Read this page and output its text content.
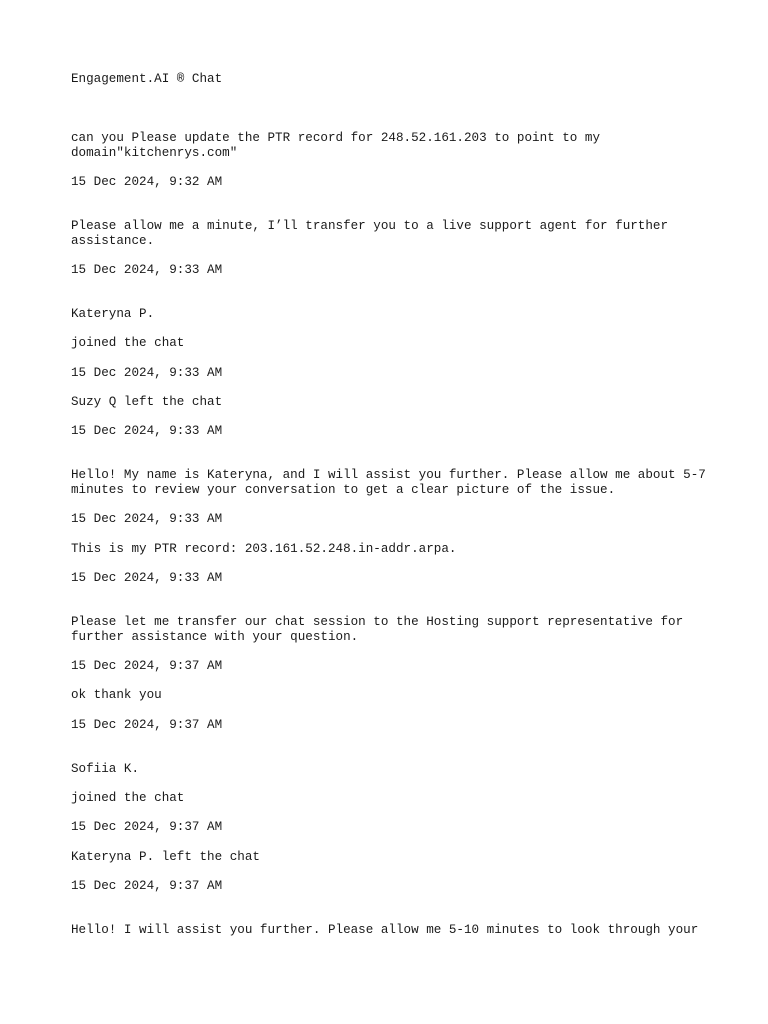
Engagement.AI ® Chat
can you Please update the PTR record for 248.52.161.203 to point to my domain"kitchenrys.com"
15 Dec 2024, 9:32 AM
Please allow me a minute, I’ll transfer you to a live support agent for further assistance.
15 Dec 2024, 9:33 AM
Kateryna P.
joined the chat
15 Dec 2024, 9:33 AM
Suzy Q left the chat
15 Dec 2024, 9:33 AM
Hello! My name is Kateryna, and I will assist you further. Please allow me about 5-7 minutes to review your conversation to get a clear picture of the issue.
15 Dec 2024, 9:33 AM
This is my PTR record: 203.161.52.248.in-addr.arpa.
15 Dec 2024, 9:33 AM
Please let me transfer our chat session to the Hosting support representative for further assistance with your question.
15 Dec 2024, 9:37 AM
ok thank you
15 Dec 2024, 9:37 AM
Sofiia K.
joined the chat
15 Dec 2024, 9:37 AM
Kateryna P. left the chat
15 Dec 2024, 9:37 AM
Hello! I will assist you further. Please allow me 5-10 minutes to look through your
